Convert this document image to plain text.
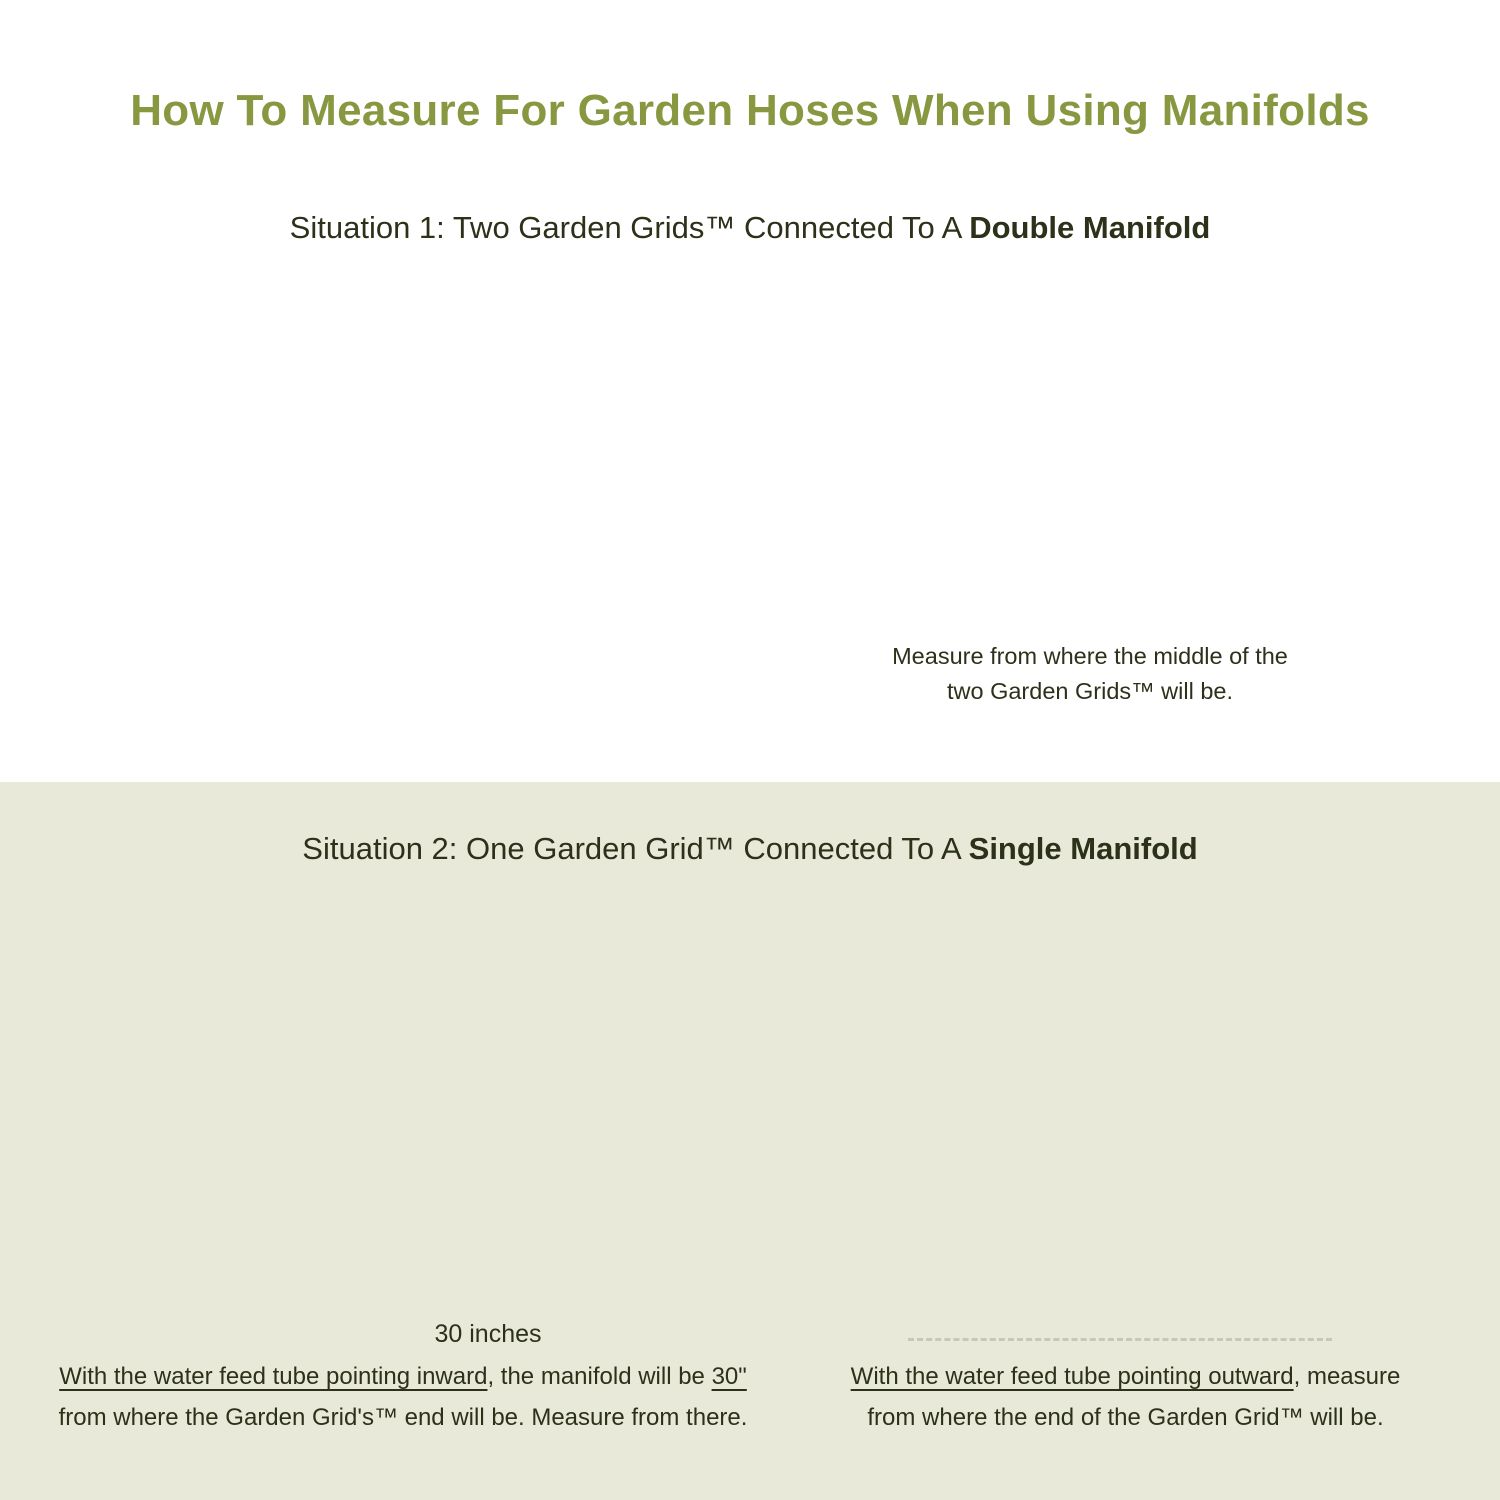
How To Measure For Garden Hoses When Using Manifolds
Situation 1: Two Garden Grids™ Connected To A Double Manifold
Measure from where the middle of the
two Garden Grids™ will be.
Situation 2: One Garden Grid™ Connected To A Single Manifold
30 inches
With the water feed tube pointing inward, the manifold will be 30"
from where the Garden Grid's™ end will be. Measure from there.
With the water feed tube pointing outward, measure
from where the end of the Garden Grid™ will be.
